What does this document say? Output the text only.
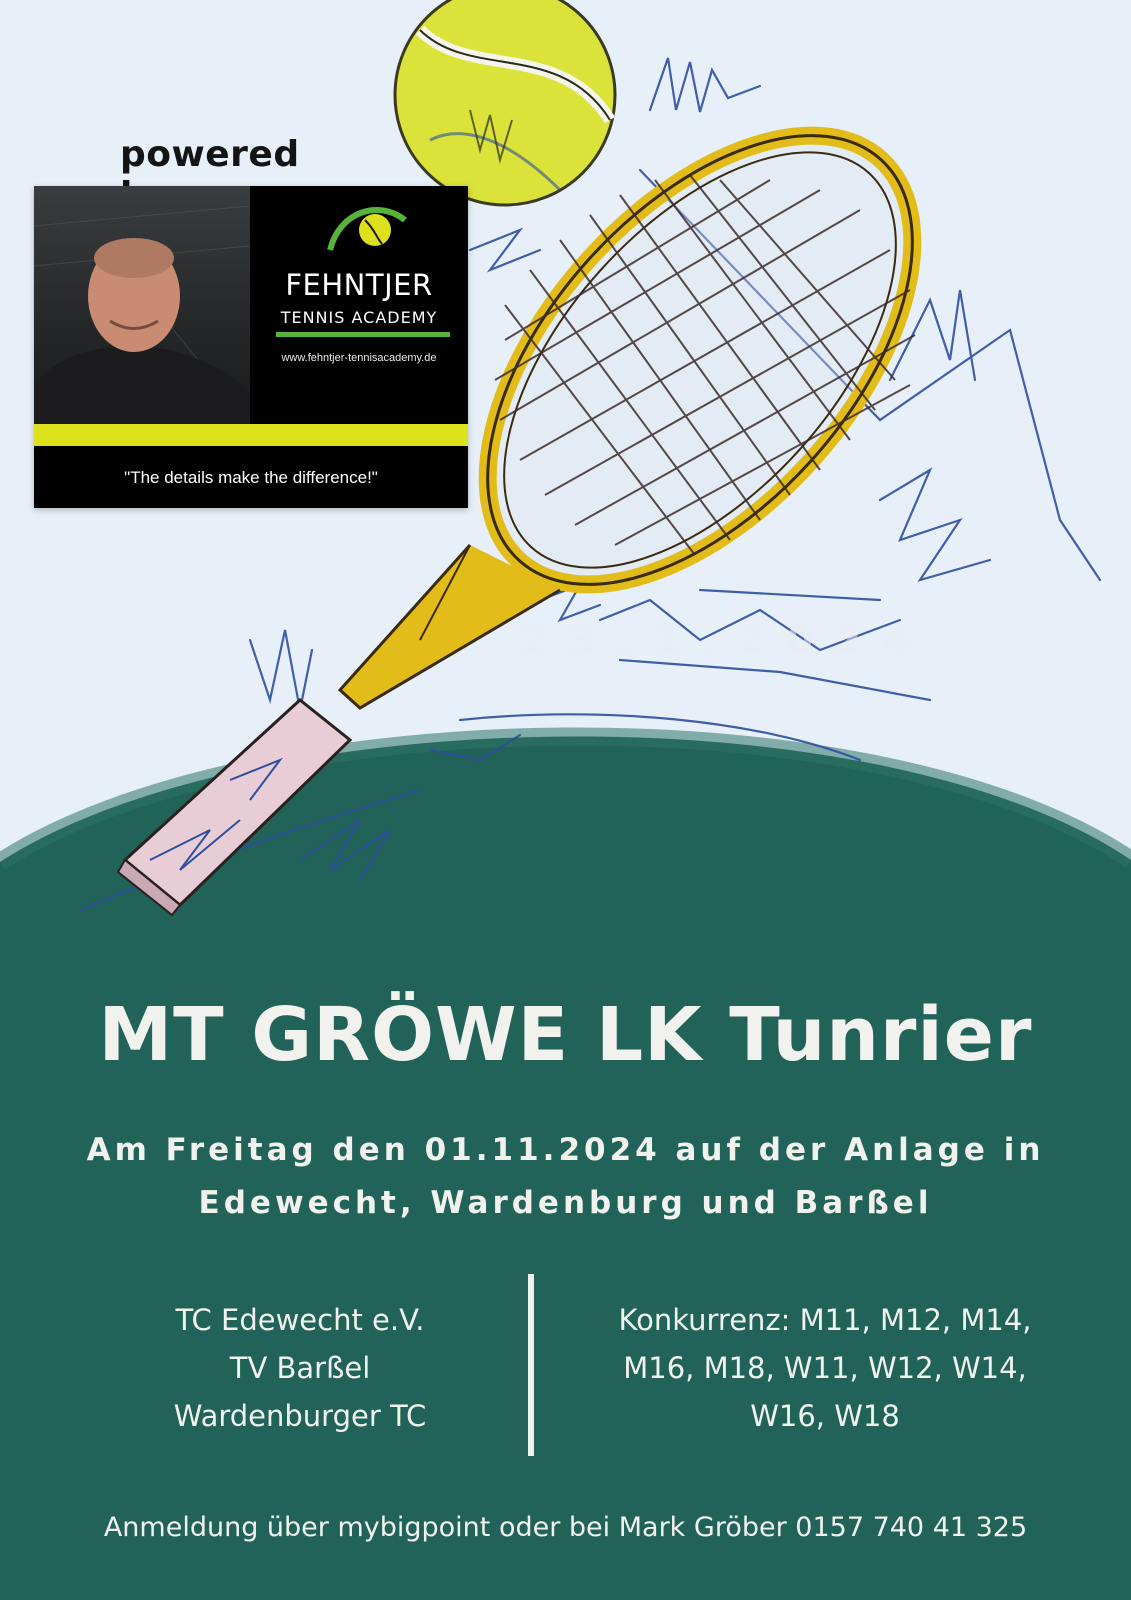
powered
FEHNTJER
TENNIS ACADEMY
www.fehntjer-tennisacademy.de
"The details make the difference!"
23.1.2024
MT GRÖWE LK Tunrier
Am Freitag den 01.11.2024 auf der Anlage in
Edewecht, Wardenburg und Barßel
TC Edewecht e.V.
TV Barßel
Wardenburger TC
Konkurrenz: M11, M12, M14,
M16, M18, W11, W12, W14,
W16, W18
Anmeldung über mybigpoint oder bei Mark Gröber 0157 740 41 325
